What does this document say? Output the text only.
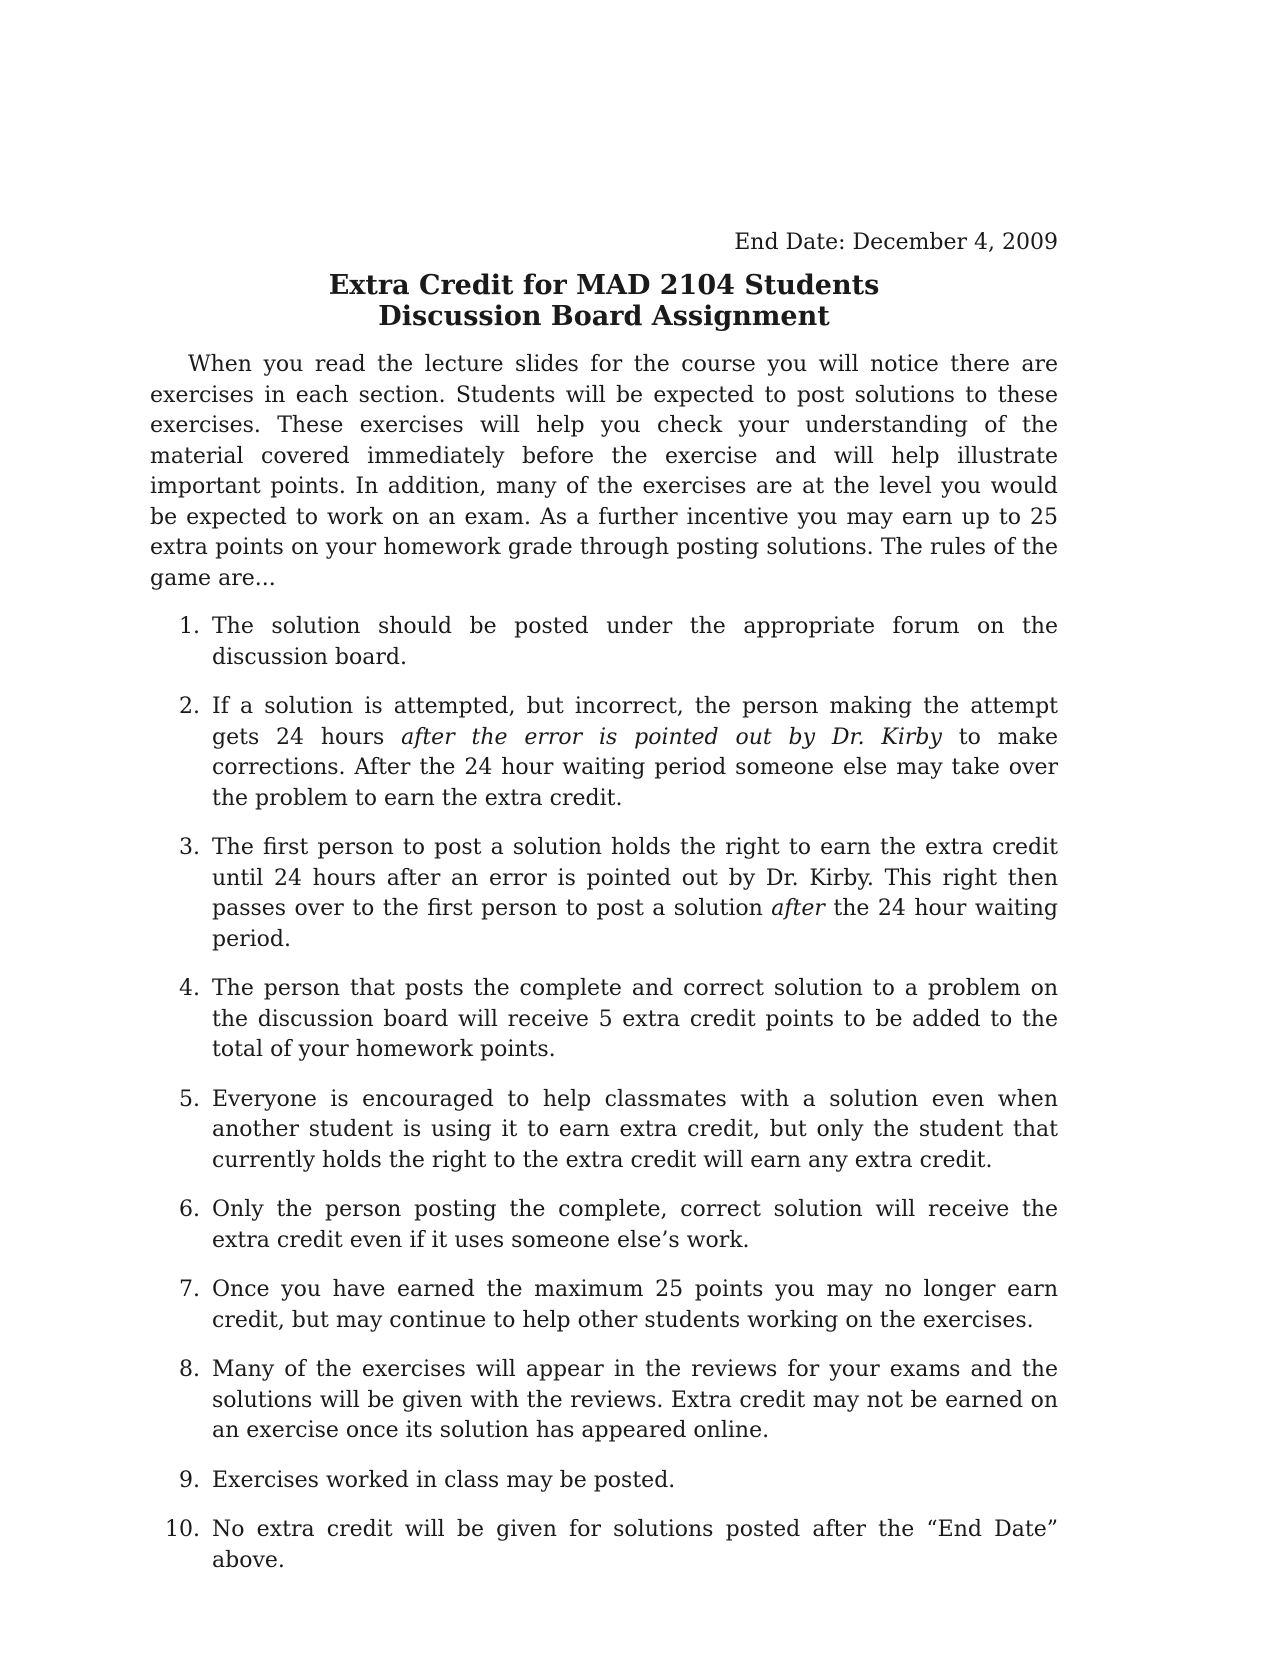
End Date: December 4, 2009

Extra Credit for MAD 2104 Students
Discussion Board Assignment

When you read the lecture slides for the course you will notice there are exercises in each section. Students will be expected to post solutions to these exercises. These exercises will help you check your understanding of the material covered immediately before the exercise and will help illustrate important points. In addition, many of the exercises are at the level you would be expected to work on an exam. As a further incentive you may earn up to 25 extra points on your homework grade through posting solutions. The rules of the game are...

1. The solution should be posted under the appropriate forum on the discussion board.
2. If a solution is attempted, but incorrect, the person making the attempt gets 24 hours after the error is pointed out by Dr. Kirby to make corrections. After the 24 hour waiting period someone else may take over the problem to earn the extra credit.
3. The first person to post a solution holds the right to earn the extra credit until 24 hours after an error is pointed out by Dr. Kirby. This right then passes over to the first person to post a solution after the 24 hour waiting period.
4. The person that posts the complete and correct solution to a problem on the discussion board will receive 5 extra credit points to be added to the total of your homework points.
5. Everyone is encouraged to help classmates with a solution even when another student is using it to earn extra credit, but only the student that currently holds the right to the extra credit will earn any extra credit.
6. Only the person posting the complete, correct solution will receive the extra credit even if it uses someone else’s work.
7. Once you have earned the maximum 25 points you may no longer earn credit, but may continue to help other students working on the exercises.
8. Many of the exercises will appear in the reviews for your exams and the solutions will be given with the reviews. Extra credit may not be earned on an exercise once its solution has appeared online.
9. Exercises worked in class may be posted.
10. No extra credit will be given for solutions posted after the “End Date” above.
